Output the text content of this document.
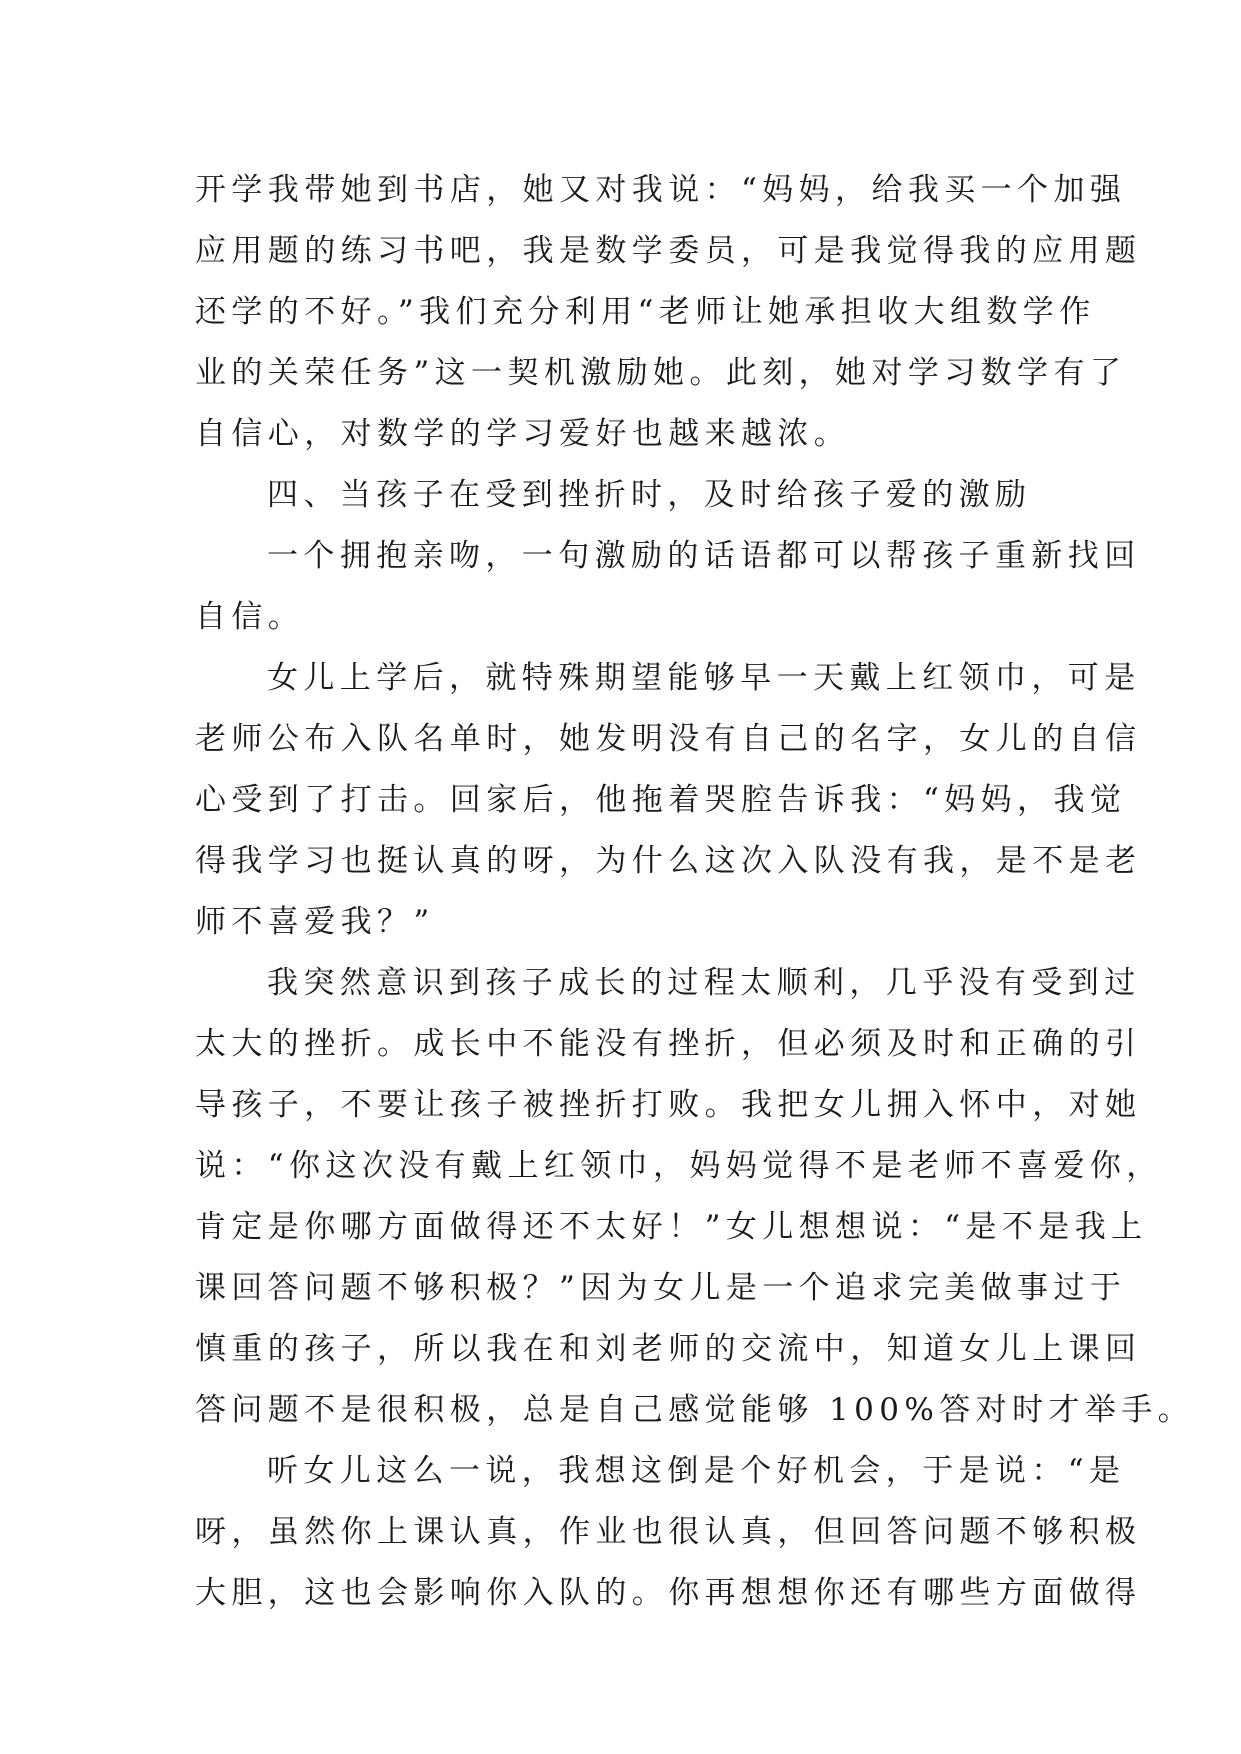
开学我带她到书店，她又对我说：“妈妈，给我买一个加强
应用题的练习书吧，我是数学委员，可是我觉得我的应用题
还学的不好。”我们充分利用“老师让她承担收大组数学作
业的关荣任务”这一契机激励她。此刻，她对学习数学有了
自信心，对数学的学习爱好也越来越浓。

四、当孩子在受到挫折时，及时给孩子爱的激励

一个拥抱亲吻，一句激励的话语都可以帮孩子重新找回
自信。

女儿上学后，就特殊期望能够早一天戴上红领巾，可是
老师公布入队名单时，她发明没有自己的名字，女儿的自信
心受到了打击。回家后，他拖着哭腔告诉我：“妈妈，我觉
得我学习也挺认真的呀，为什么这次入队没有我，是不是老
师不喜爱我？”

我突然意识到孩子成长的过程太顺利，几乎没有受到过
太大的挫折。成长中不能没有挫折，但必须及时和正确的引
导孩子，不要让孩子被挫折打败。我把女儿拥入怀中，对她
说：“你这次没有戴上红领巾，妈妈觉得不是老师不喜爱你，
肯定是你哪方面做得还不太好！”女儿想想说：“是不是我上
课回答问题不够积极？”因为女儿是一个追求完美做事过于
慎重的孩子，所以我在和刘老师的交流中，知道女儿上课回
答问题不是很积极，总是自己感觉能够 100%答对时才举手。

听女儿这么一说，我想这倒是个好机会，于是说：“是
呀，虽然你上课认真，作业也很认真，但回答问题不够积极
大胆，这也会影响你入队的。你再想想你还有哪些方面做得
